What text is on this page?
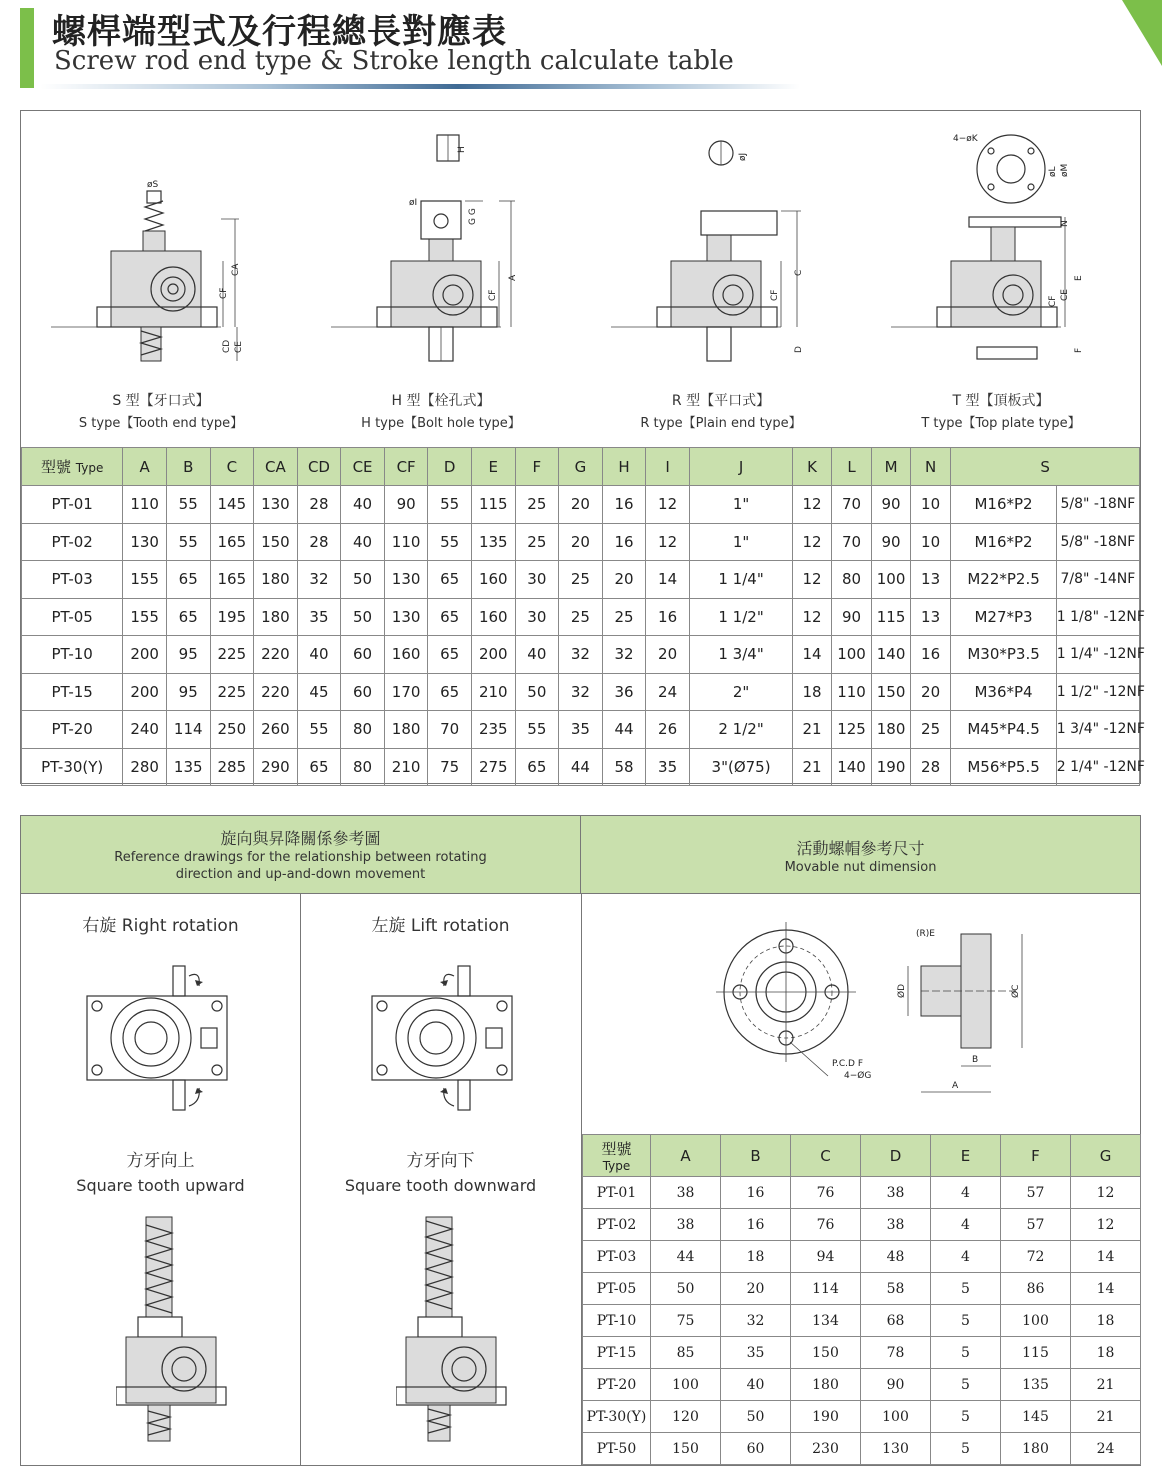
螺桿端型式及行程總長對應表
Screw rod end type & Stroke length calculate table
CA
CF
CD CE
øS
S 型【牙口式】
S type【Tooth end type】
H
øI
G G
A
CF
H 型【栓孔式】
H type【Bolt hole type】
øJ
C
CF
D
R 型【平口式】
R type【Plain end type】
4−øK
øL øM
N
E
CE
CF
F
T 型【頂板式】
T type【Top plate type】
型號 Type	A	B	C	CA	CD	CE	CF	D	E	F	G	H	I	J	K	L	M	N	S	
PT-01	110	55	145	130	28	40	90	55	115	25	20	16	12	1"	12	70	90	10	M16*P2	5/8" -18NF
PT-02	130	55	165	150	28	40	110	55	135	25	20	16	12	1"	12	70	90	10	M16*P2	5/8" -18NF
PT-03	155	65	165	180	32	50	130	65	160	30	25	20	14	1 1/4"	12	80	100	13	M22*P2.5	7/8" -14NF
PT-05	155	65	195	180	35	50	130	65	160	30	25	25	16	1 1/2"	12	90	115	13	M27*P3	1 1/8" -12NF
PT-10	200	95	225	220	40	60	160	65	200	40	32	32	20	1 3/4"	14	100	140	16	M30*P3.5	1 1/4" -12NF
PT-15	200	95	225	220	45	60	170	65	210	50	32	36	24	2"	18	110	150	20	M36*P4	1 1/2" -12NF
PT-20	240	114	250	260	55	80	180	70	235	55	35	44	26	2 1/2"	21	125	180	25	M45*P4.5	1 3/4" -12NF
PT-30(Y)	280	135	285	290	65	80	210	75	275	65	44	58	35	3"(Ø75)	21	140	190	28	M56*P5.5	2 1/4" -12NF
旋向與昇降關係參考圖
Reference drawings for the relationship between rotating
direction and up-and-down movement
活動螺帽參考尺寸
Movable nut dimension
右旋 Right rotation	左旋 Lift rotation
方牙向上
Square tooth upward
方牙向下
Square tooth downward
P.C.D F
4−ØG
(R)E
ØD	ØC
B
A
型號
Type	A	B	C	D	E	F	G
PT-01	38	16	76	38	4	57	12
PT-02	38	16	76	38	4	57	12
PT-03	44	18	94	48	4	72	14
PT-05	50	20	114	58	5	86	14
PT-10	75	32	134	68	5	100	18
PT-15	85	35	150	78	5	115	18
PT-20	100	40	180	90	5	135	21
PT-30(Y)	120	50	190	100	5	145	21
PT-50	150	60	230	130	5	180	24
